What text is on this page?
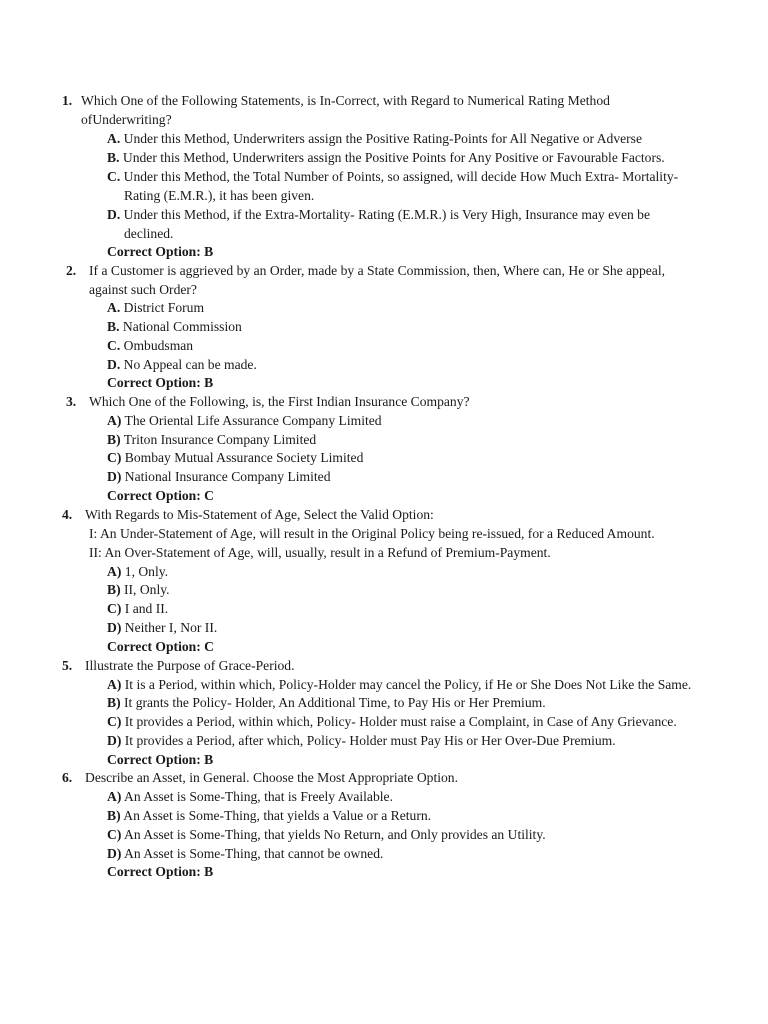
1. Which One of the Following Statements, is In-Correct, with Regard to Numerical Rating Method
ofUnderwriting?
A. Under this Method, Underwriters assign the Positive Rating-Points for All Negative or Adverse
B. Under this Method, Underwriters assign the Positive Points for Any Positive or Favourable Factors.
C. Under this Method, the Total Number of Points, so assigned, will decide How Much Extra- Mortality-
Rating (E.M.R.), it has been given.
D. Under this Method, if the Extra-Mortality- Rating (E.M.R.) is Very High, Insurance may even be
declined.
Correct Option: B
2. If a Customer is aggrieved by an Order, made by a State Commission, then, Where can, He or She appeal,
against such Order?
A. District Forum
B. National Commission
C. Ombudsman
D. No Appeal can be made.
Correct Option: B
3. Which One of the Following, is, the First Indian Insurance Company?
A) The Oriental Life Assurance Company Limited
B) Triton Insurance Company Limited
C) Bombay Mutual Assurance Society Limited
D) National Insurance Company Limited
Correct Option: C
4. With Regards to Mis-Statement of Age, Select the Valid Option:
I: An Under-Statement of Age, will result in the Original Policy being re-issued, for a Reduced Amount.
II: An Over-Statement of Age, will, usually, result in a Refund of Premium-Payment.
A) 1, Only.
B) II, Only.
C) I and II.
D) Neither I, Nor II.
Correct Option: C
5. Illustrate the Purpose of Grace-Period.
A) It is a Period, within which, Policy-Holder may cancel the Policy, if He or She Does Not Like the Same.
B) It grants the Policy- Holder, An Additional Time, to Pay His or Her Premium.
C) It provides a Period, within which, Policy- Holder must raise a Complaint, in Case of Any Grievance.
D) It provides a Period, after which, Policy- Holder must Pay His or Her Over-Due Premium.
Correct Option: B
6. Describe an Asset, in General. Choose the Most Appropriate Option.
A) An Asset is Some-Thing, that is Freely Available.
B) An Asset is Some-Thing, that yields a Value or a Return.
C) An Asset is Some-Thing, that yields No Return, and Only provides an Utility.
D) An Asset is Some-Thing, that cannot be owned.
Correct Option: B
